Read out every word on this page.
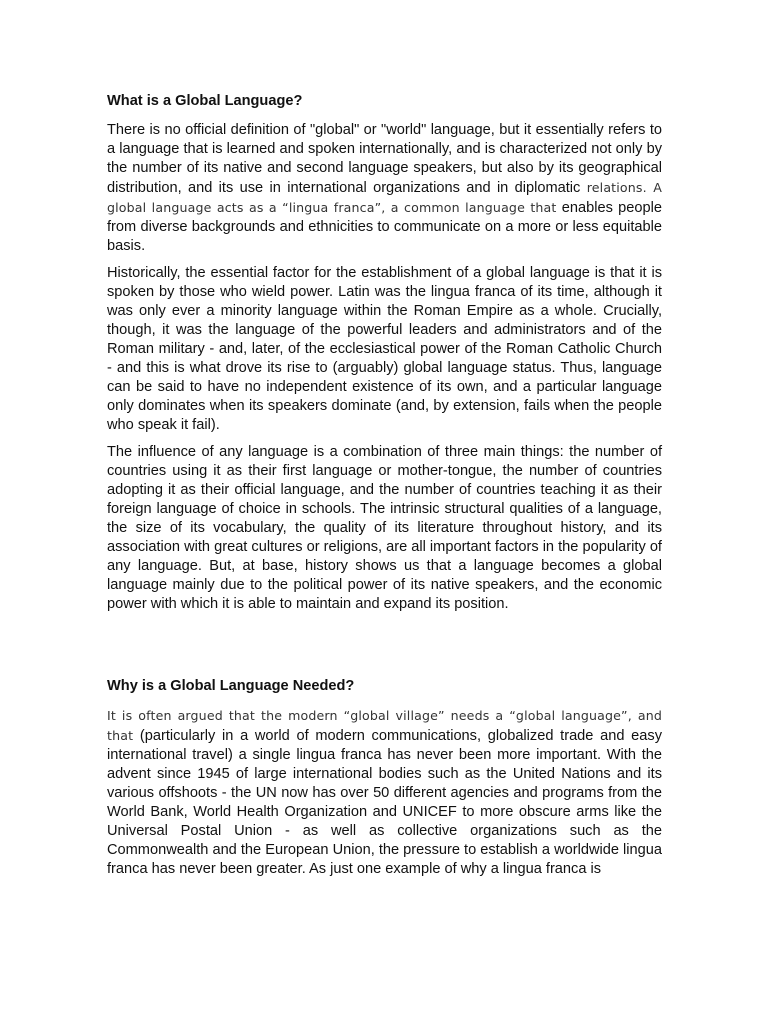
What is a Global Language?

There is no official definition of "global" or "world" language, but it essentially refers to a language that is learned and spoken internationally, and is characterized not only by the number of its native and second language speakers, but also by its geographical distribution, and its use in international organizations and in diplomatic relations. A global language acts as a “lingua franca”, a common language that enables people from diverse backgrounds and ethnicities to communicate on a more or less equitable basis.

Historically, the essential factor for the establishment of a global language is that it is spoken by those who wield power. Latin was the lingua franca of its time, although it was only ever a minority language within the Roman Empire as a whole. Crucially, though, it was the language of the powerful leaders and administrators and of the Roman military - and, later, of the ecclesiastical power of the Roman Catholic Church - and this is what drove its rise to (arguably) global language status. Thus, language can be said to have no independent existence of its own, and a particular language only dominates when its speakers dominate (and, by extension, fails when the people who speak it fail).

The influence of any language is a combination of three main things: the number of countries using it as their first language or mother-tongue, the number of countries adopting it as their official language, and the number of countries teaching it as their foreign language of choice in schools. The intrinsic structural qualities of a language, the size of its vocabulary, the quality of its literature throughout history, and its association with great cultures or religions, are all important factors in the popularity of any language. But, at base, history shows us that a language becomes a global language mainly due to the political power of its native speakers, and the economic power with which it is able to maintain and expand its position.

Why is a Global Language Needed?

It is often argued that the modern “global village” needs a “global language”, and that (particularly in a world of modern communications, globalized trade and easy international travel) a single lingua franca has never been more important. With the advent since 1945 of large international bodies such as the United Nations and its various offshoots - the UN now has over 50 different agencies and programs from the World Bank, World Health Organization and UNICEF to more obscure arms like the Universal Postal Union - as well as collective organizations such as the Commonwealth and the European Union, the pressure to establish a worldwide lingua franca has never been greater. As just one example of why a lingua franca is
